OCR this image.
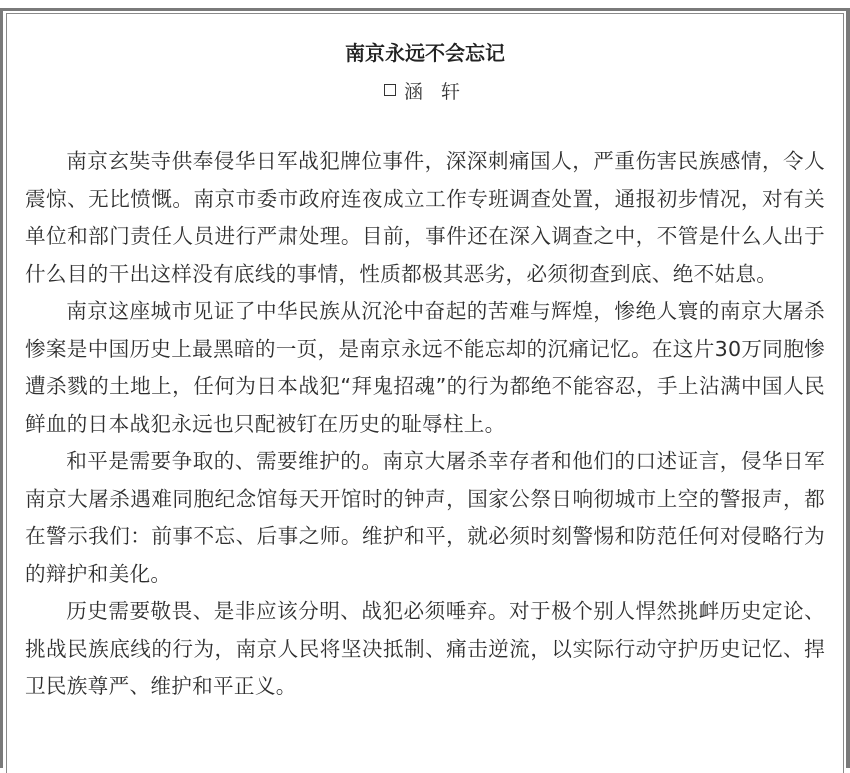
南京永远不会忘记
涵 轩

南京玄奘寺供奉侵华日军战犯牌位事件，深深刺痛国人，严重伤害民族感情，令人震惊、无比愤慨。南京市委市政府连夜成立工作专班调查处置，通报初步情况，对有关单位和部门责任人员进行严肃处理。目前，事件还在深入调查之中，不管是什么人出于什么目的干出这样没有底线的事情，性质都极其恶劣，必须彻查到底、绝不姑息。

南京这座城市见证了中华民族从沉沦中奋起的苦难与辉煌，惨绝人寰的南京大屠杀惨案是中国历史上最黑暗的一页，是南京永远不能忘却的沉痛记忆。在这片30万同胞惨遭杀戮的土地上，任何为日本战犯“拜鬼招魂”的行为都绝不能容忍，手上沾满中国人民鲜血的日本战犯永远也只配被钉在历史的耻辱柱上。

和平是需要争取的、需要维护的。南京大屠杀幸存者和他们的口述证言，侵华日军南京大屠杀遇难同胞纪念馆每天开馆时的钟声，国家公祭日响彻城市上空的警报声，都在警示我们：前事不忘、后事之师。维护和平，就必须时刻警惕和防范任何对侵略行为的辩护和美化。

历史需要敬畏、是非应该分明、战犯必须唾弃。对于极个别人悍然挑衅历史定论、挑战民族底线的行为，南京人民将坚决抵制、痛击逆流，以实际行动守护历史记忆、捍卫民族尊严、维护和平正义。
